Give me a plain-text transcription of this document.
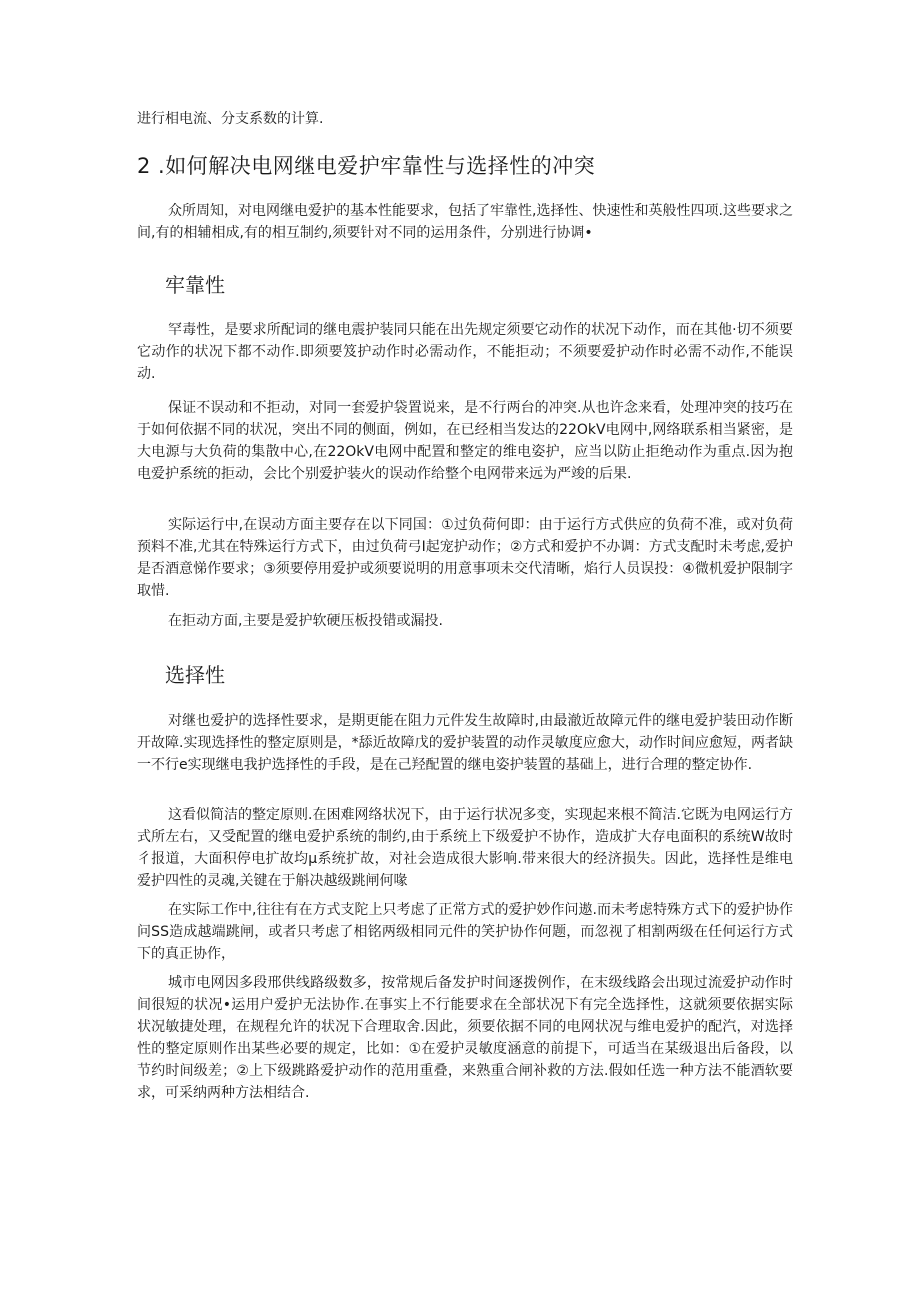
进行相电流、分支系数的计算.

2 .如何解决电网继电爱护牢靠性与选择性的冲突

众所周知，对电网继电爱护的基本性能要求，包括了牢靠性,选择性、快速性和英般性四项.这些要求之间,有的相辅相成,有的相互制约,须要针对不同的运用条件，分别进行协调•

牢靠性

罕毒性，是要求所配词的继电震护装同只能在出先规定须要它动作的状况下动作，而在其他·切不须要它动作的状况下都不动作.即须要笈护动作时必需动作，不能拒动；不须要爱护动作时必需不动作,不能误动.

保证不误动和不拒动，对同一套爱护袋置说来，是不行两台的冲突.从也许念来看，处理冲突的技巧在于如何依据不同的状况，突出不同的侧面，例如，在已经相当发达的22OkV电网中,网络联系相当紧密，是大电源与大负荷的集散中心,在22OkV电网中配置和整定的维电姿护，应当以防止拒绝动作为重点.因为抱电爱护系统的拒动，会比个别爱护装火的误动作给整个电网带来远为严竣的后果.

实际运行中,在误动方面主要存在以下同国：①过负荷何即：由于运行方式供应的负荷不准，或对负荷预料不准,尤其在特殊运行方式下，由过负荷弓I起宠护动作；②方式和爱护不办调：方式支配时未考虑,爱护是否酒意悌作要求；③须要停用爱护或须要说明的用意事项未交代清晰，焰行人员误投：④微机爱护限制字取惜.

在拒动方面,主要是爱护软硬压板投错或漏投.

选择性

对继也爱护的选择性要求，是期更能在阻力元件发生故障时,由最澈近故障元件的继电爱护装田动作断开故障.实现选择性的整定原则是，*舔近故障戊的爱护装置的动作灵敏度应愈大，动作时间应愈短，两者缺一不行e实现继电我护选择性的手段，是在己羟配置的继电姿护装置的基础上，进行合理的整定协作.

这看似简洁的整定原则.在困难网络状况下，由于运行状况多变，实现起来根不简洁.它既为电网运行方式所左右，又受配置的继电爱护系统的制约,由于系统上下级爱护不协作，造成扩大存电面积的系统W故时彳报道，大面积停电扩故均μ系统扩故，对社会造成很大影响.带来很大的经济损失。因此，选择性是维电爱护四性的灵魂,关键在于斛决越级跳闸何喙

在实际工作中,往往有在方式支陀上只考虑了正常方式的爱护妙作问遨.而未考虑特殊方式下的爱护协作问SS造成越端跳闸，或者只考虑了相铭两级相同元件的笑护协作何题，而忽视了相割两级在任何运行方式下的真正协作，

城市电网因多段邢供线路级数多，按常规后备发护时间逐拨例作，在末级线路会出现过流爱护动作时间很短的状况•运用户爱护无法协作.在事实上不行能要求在全部状况下有完全选择性，这就须要依据实际状况敏捷处理，在规程允许的状况下合理取舍.因此，须要依据不同的电网状况与维电爱护的配汽，对选择性的整定原则作出某些必要的规定，比如：①在爱护灵敏度涵意的前提下，可适当在某级退出后备段，以节约时间级差；②上下级跳路爱护动作的范用重叠，来熟重合闸补救的方法.假如任选一种方法不能酒软要求，可采纳两种方法相结合.
